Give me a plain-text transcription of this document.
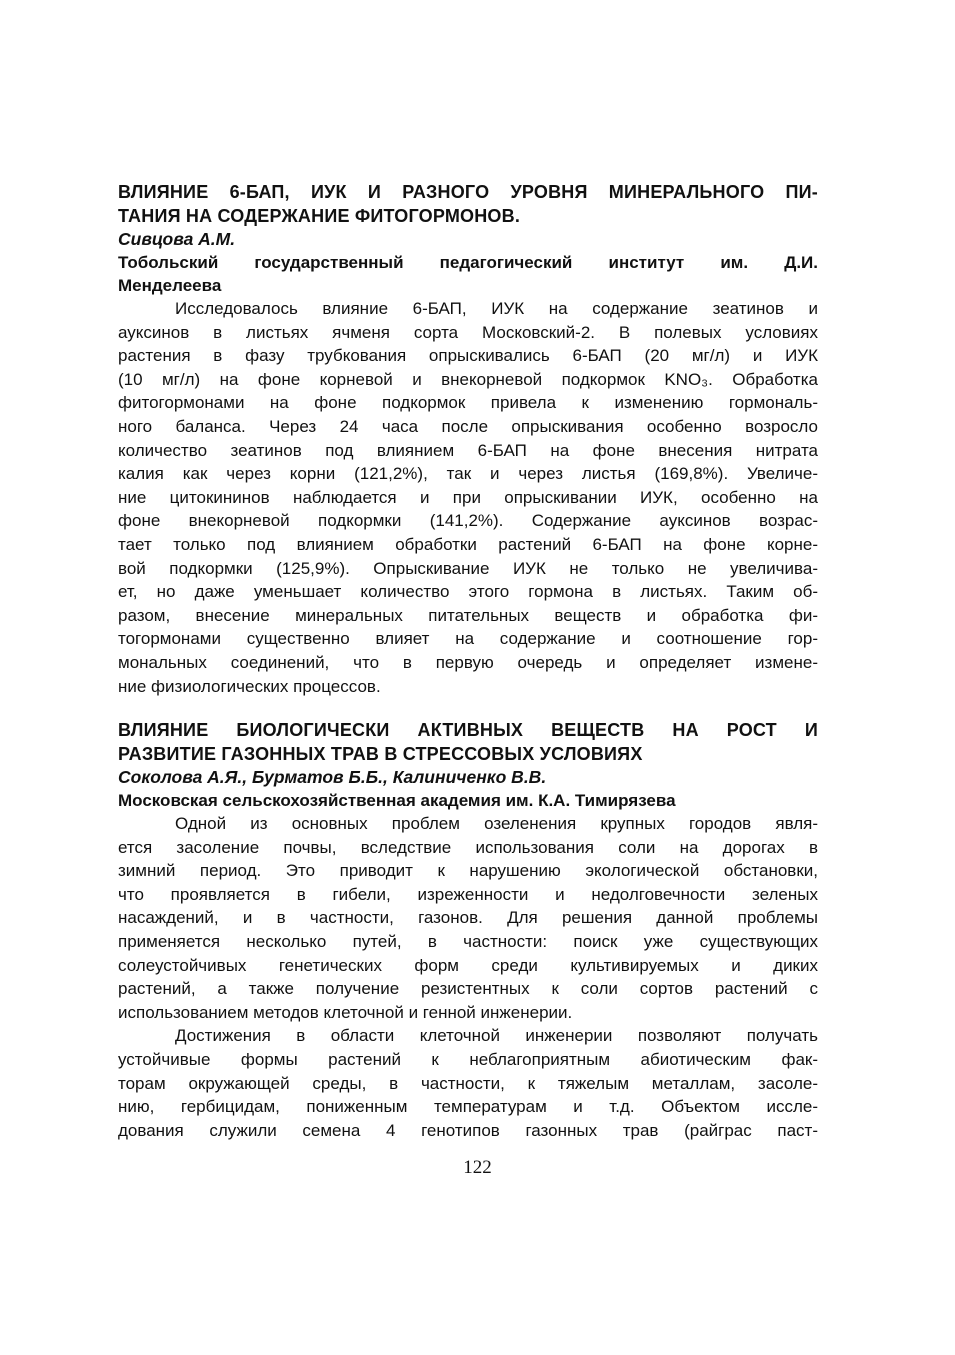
ВЛИЯНИЕ 6-БАП, ИУК И РАЗНОГО УРОВНЯ МИНЕРАЛЬНОГО ПИ-
ТАНИЯ НА СОДЕРЖАНИЕ ФИТОГОРМОНОВ.

Сивцова А.М.

Тобольский государственный педагогический институт им. Д.И.
Менделеева

Исследовалось влияние 6-БАП, ИУК на содержание зеатинов и
ауксинов в листьях ячменя сорта Московский-2. В полевых условиях
растения в фазу трубкования опрыскивались 6-БАП (20 мг/л) и ИУК
(10 мг/л) на фоне корневой и внекорневой подкормок KNO₃. Обработка
фитогормонами на фоне подкормок привела к изменению гормональ-
ного баланса. Через 24 часа после опрыскивания особенно возросло
количество зеатинов под влиянием 6-БАП на фоне внесения нитрата
калия как через корни (121,2%), так и через листья (169,8%). Увеличе-
ние цитокининов наблюдается и при опрыскивании ИУК, особенно на
фоне внекорневой подкормки (141,2%). Содержание ауксинов возрас-
тает только под влиянием обработки растений 6-БАП на фоне корне-
вой подкормки (125,9%). Опрыскивание ИУК не только не увеличива-
ет, но даже уменьшает количество этого гормона в листьях. Таким об-
разом, внесение минеральных питательных веществ и обработка фи-
тогормонами существенно влияет на содержание и соотношение гор-
мональных соединений, что в первую очередь и определяет измене-
ние физиологических процессов.

ВЛИЯНИЕ БИОЛОГИЧЕСКИ АКТИВНЫХ ВЕЩЕСТВ НА РОСТ И
РАЗВИТИЕ ГАЗОННЫХ ТРАВ В СТРЕССОВЫХ УСЛОВИЯХ

Соколова А.Я., Бурматов Б.Б., Калиниченко В.В.

Московская сельскохозяйственная академия им. К.А. Тимирязева

Одной из основных проблем озеленения крупных городов явля-
ется засоление почвы, вследствие использования соли на дорогах в
зимний период. Это приводит к нарушению экологической обстановки,
что проявляется в гибели, изреженности и недолговечности зеленых
насаждений, и в частности, газонов. Для решения данной проблемы
применяется несколько путей, в частности: поиск уже существующих
солеустойчивых генетических форм среди культивируемых и диких
растений, а также получение резистентных к соли сортов растений с
использованием методов клеточной и генной инженерии.

Достижения в области клеточной инженерии позволяют получать
устойчивые формы растений к неблагоприятным абиотическим фак-
торам окружающей среды, в частности, к тяжелым металлам, засоле-
нию, гербицидам, пониженным температурам и т.д. Объектом иссле-
дования служили семена 4 генотипов газонных трав (райграс паст-

122
